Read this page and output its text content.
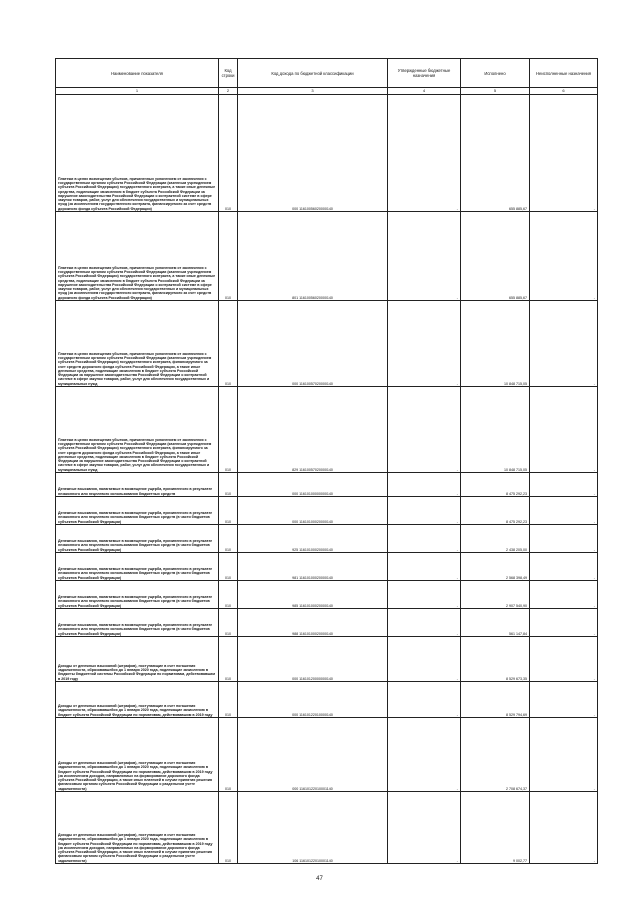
Наименование показателя	Код строки	Код дохода по бюджетной классификации	Утвержденные бюджетные назначения	Исполнено	Неисполненные назначения
1	2	3	4	5	6
Платежи в целях возмещения убытков, причиненных уклонением от заключения с государственным органом субъекта Российской Федерации (казенным учреждением субъекта Российской Федерации) государственного контракта, а также иные денежные средства, подлежащие зачислению в бюджет субъекта Российской Федерации за нарушение законодательства Российской Федерации о контрактной системе в сфере закупок товаров, работ, услуг для обеспечения государственных и муниципальных нужд (за исключением государственного контракта, финансируемого за счет средств дорожного фонда субъекта Российской Федерации)	010	000 11610056020000140	-	655 885,67	-
Платежи в целях возмещения убытков, причиненных уклонением от заключения с государственным органом субъекта Российской Федерации (казенным учреждением субъекта Российской Федерации) государственного контракта, а также иные денежные средства, подлежащие зачислению в бюджет субъекта Российской Федерации за нарушение законодательства Российской Федерации о контрактной системе в сфере закупок товаров, работ, услуг для обеспечения государственных и муниципальных нужд (за исключением государственного контракта, финансируемого за счет средств дорожного фонда субъекта Российской Федерации)	010	801 11610056020000140	-	655 885,67	-
Платежи в целях возмещения убытков, причиненных уклонением от заключения с государственным органом субъекта Российской Федерации (казенным учреждением субъекта Российской Федерации) государственного контракта, финансируемого за счет средств дорожного фонда субъекта Российской Федерации, а также иные денежные средства, подлежащие зачислению в бюджет субъекта Российской Федерации за нарушение законодательства Российской Федерации о контрактной системе в сфере закупок товаров, работ, услуг для обеспечения государственных и муниципальных нужд	010	000 11610057020000140	-	10 848 715,05	-
Платежи в целях возмещения убытков, причиненных уклонением от заключения с государственным органом субъекта Российской Федерации (казенным учреждением субъекта Российской Федерации) государственного контракта, финансируемого за счет средств дорожного фонда субъекта Российской Федерации, а также иные денежные средства, подлежащие зачислению в бюджет субъекта Российской Федерации за нарушение законодательства Российской Федерации о контрактной системе в сфере закупок товаров, работ, услуг для обеспечения государственных и муниципальных нужд	010	829 11610057020000140	-	10 848 715,05	-
Денежные взыскания, налагаемые в возмещение ущерба, причиненного в результате незаконного или нецелевого использования бюджетных средств	010	000 11610100000000140	-	8 475 292,23	-
Денежные взыскания, налагаемые в возмещение ущерба, причиненного в результате незаконного или нецелевого использования бюджетных средств (в части бюджетов субъектов Российской Федерации)	010	000 11610100020000140	-	8 475 292,23	-
Денежные взыскания, налагаемые в возмещение ущерба, причиненного в результате незаконного или нецелевого использования бюджетных средств (в части бюджетов субъектов Российской Федерации)	010	925 11610100020000140	-	2 438 205,00	-
Денежные взыскания, налагаемые в возмещение ущерба, причиненного в результате незаконного или нецелевого использования бюджетных средств (в части бюджетов субъектов Российской Федерации)	010	981 11610100020000140	-	2 568 398,49	-
Денежные взыскания, налагаемые в возмещение ущерба, причиненного в результате незаконного или нецелевого использования бюджетных средств (в части бюджетов субъектов Российской Федерации)	010	985 11610100020000140	-	2 907 540,90	-
Денежные взыскания, налагаемые в возмещение ущерба, причиненного в результате незаконного или нецелевого использования бюджетных средств (в части бюджетов субъектов Российской Федерации)	010	988 11610100020000140	-	561 147,84	-
Доходы от денежных взысканий (штрафов), поступающие в счет погашения задолженности, образовавшейся до 1 января 2020 года, подлежащие зачислению в бюджеты бюджетной системы Российской Федерации по нормативам, действовавшим в 2019 году	010	000 11610120000000140	-	8 529 673,35	-
Доходы от денежных взысканий (штрафов), поступающие в счет погашения задолженности, образовавшейся до 1 января 2020 года, подлежащие зачислению в бюджет субъекта Российской Федерации по нормативам, действовавшим в 2019 году	010	000 11610122010000140	-	8 529 794,69	-
Доходы от денежных взысканий (штрафов), поступающие в счет погашения задолженности, образовавшейся до 1 января 2020 года, подлежащие зачислению в бюджет субъекта Российской Федерации по нормативам, действовавшим в 2019 году (за исключением доходов, направляемых на формирование дорожного фонда субъекта Российской Федерации, а также иных платежей в случае принятия решения финансовым органом субъекта Российской Федерации о раздельном учете задолженности)	010	000 11610122010001140	-	2 708 674,37	-
Доходы от денежных взысканий (штрафов), поступающие в счет погашения задолженности, образовавшейся до 1 января 2020 года, подлежащие зачислению в бюджет субъекта Российской Федерации по нормативам, действовавшим в 2019 году (за исключением доходов, направляемых на формирование дорожного фонда субъекта Российской Федерации, а также иных платежей в случае принятия решения финансовым органом субъекта Российской Федерации о раздельном учете задолженности)	010	106 11610122010001140	-	9 002,77	-
47
